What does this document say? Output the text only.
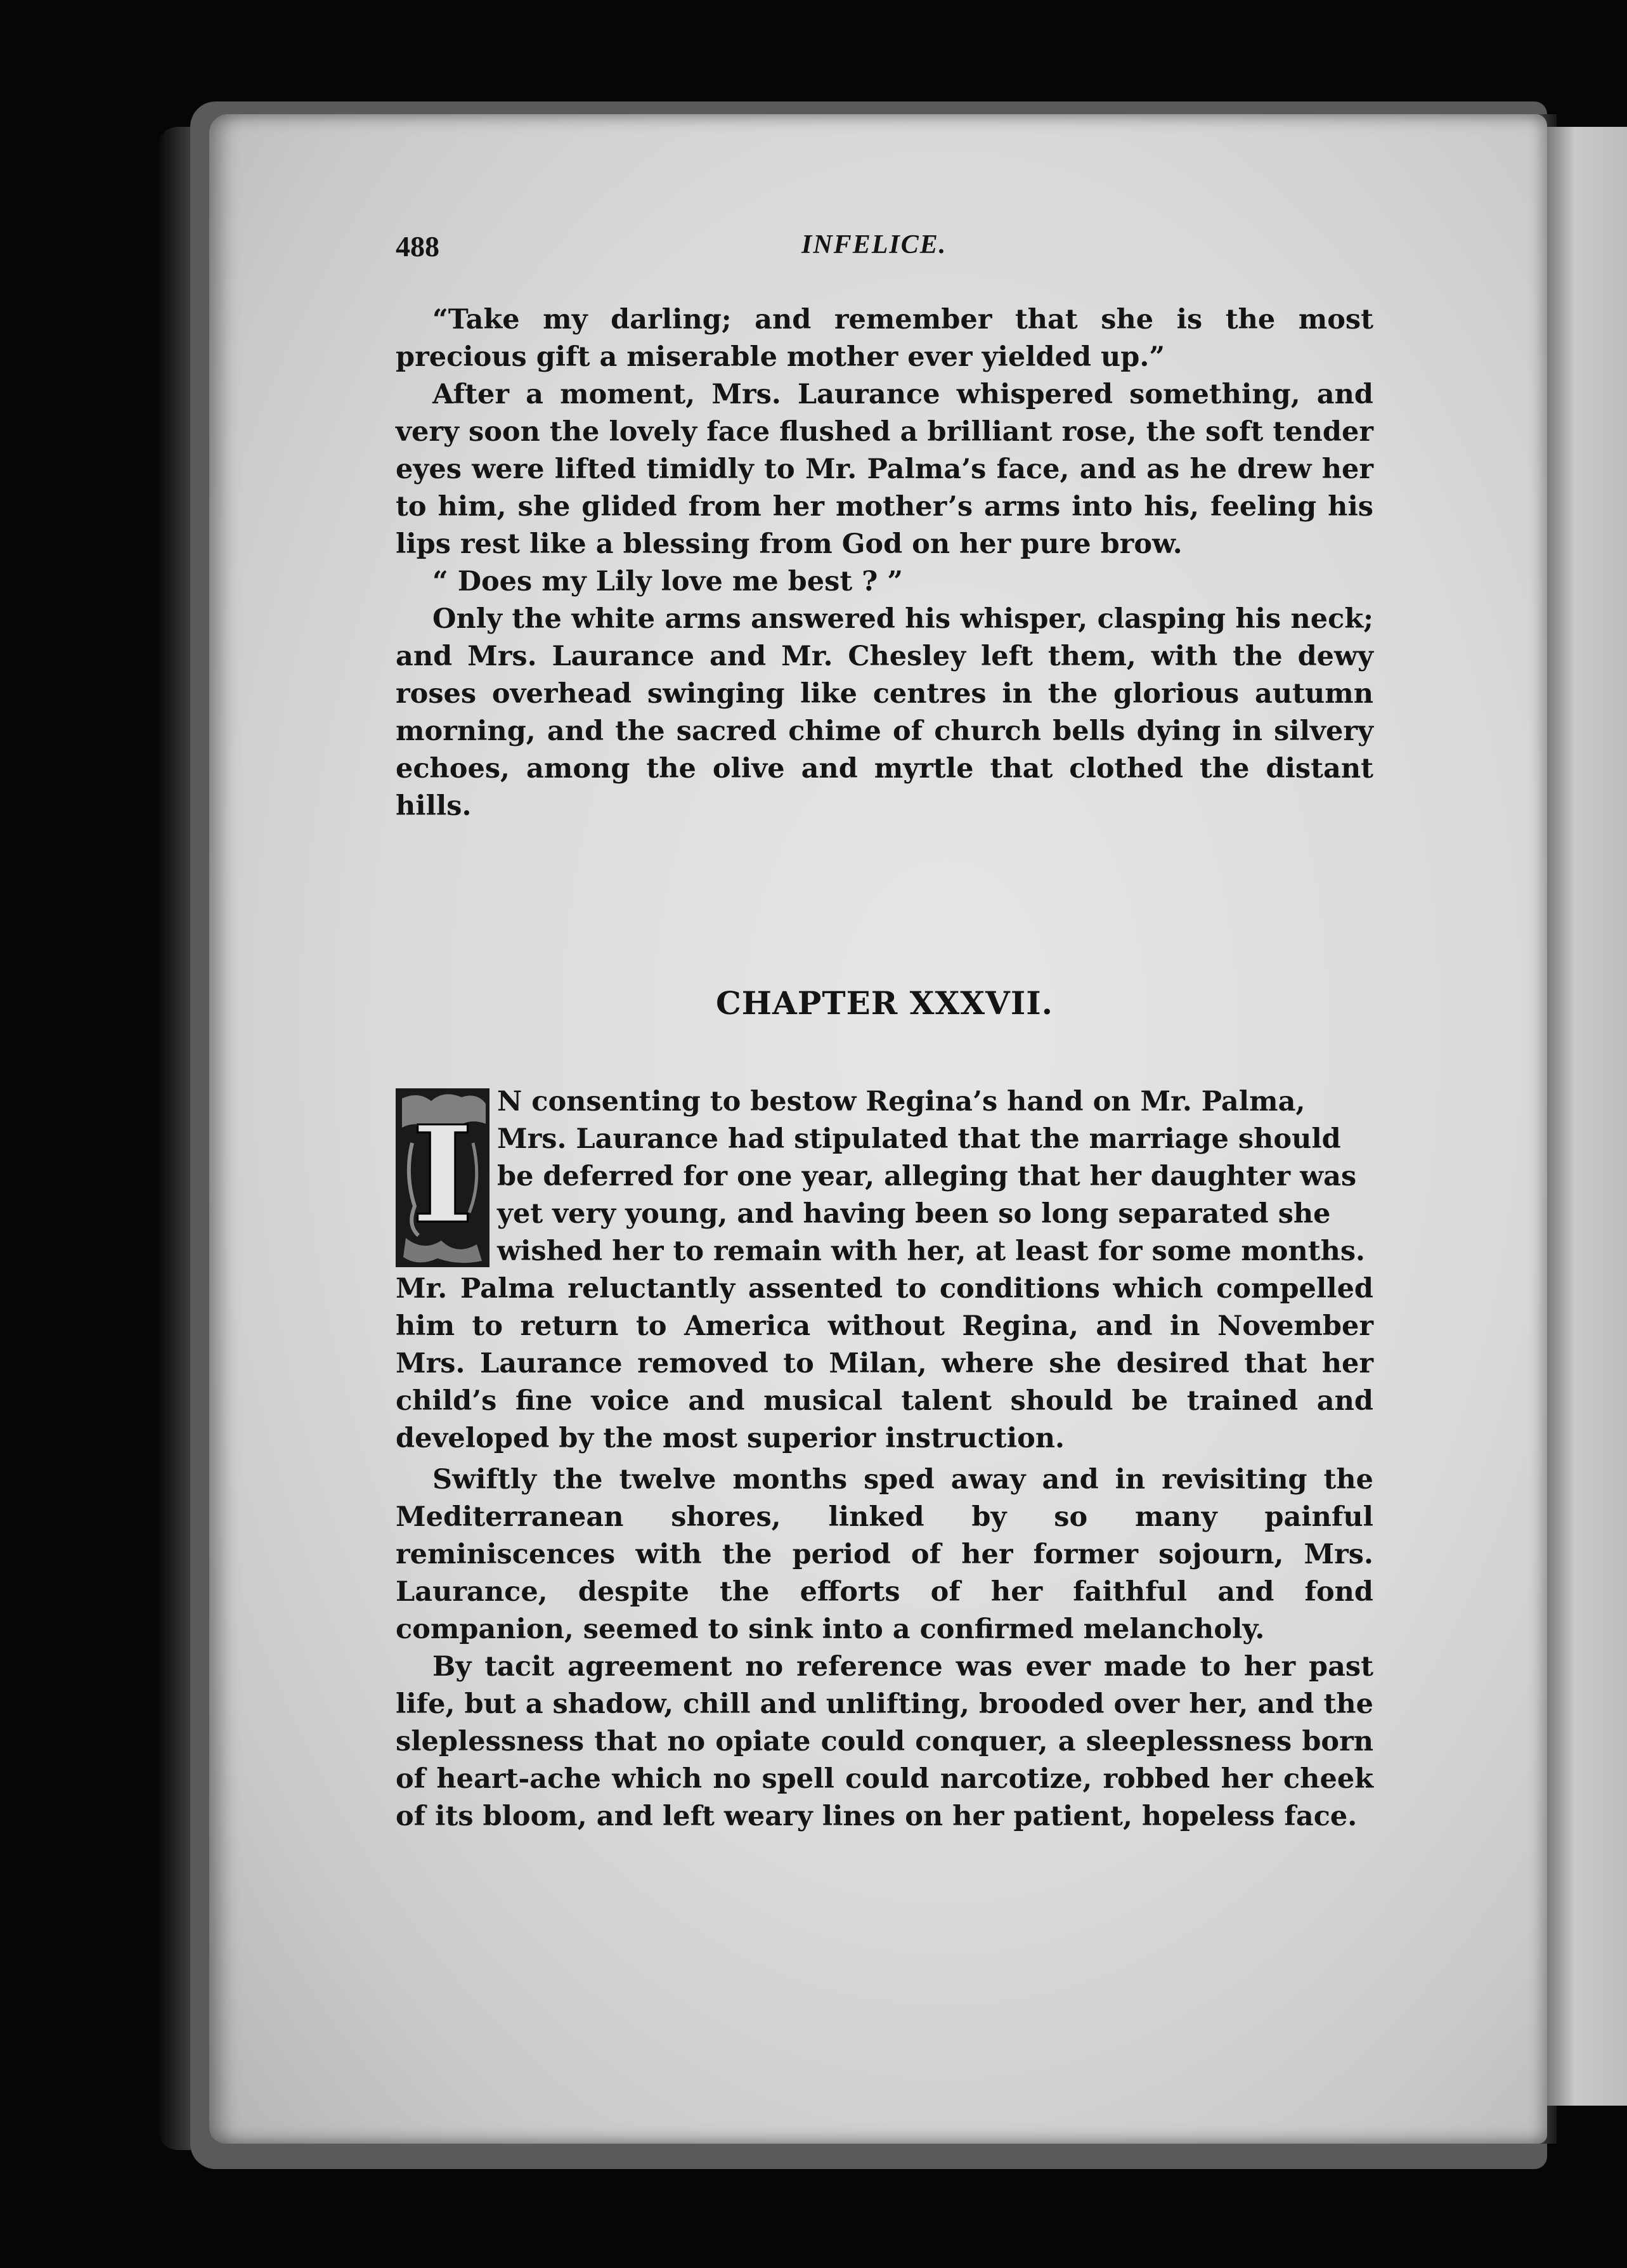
488	INFELICE.

“Take my darling; and remember that she is the most precious gift a miserable mother ever yielded up.”

After a moment, Mrs. Laurance whispered something, and very soon the lovely face flushed a brilliant rose, the soft tender eyes were lifted timidly to Mr. Palma’s face, and as he drew her to him, she glided from her mother’s arms into his, feeling his lips rest like a blessing from God on her pure brow.

“ Does my Lily love me best ? ”

Only the white arms answered his whisper, clasping his neck; and Mrs. Laurance and Mr. Chesley left them, with the dewy roses overhead swinging like centres in the glorious autumn morning, and the sacred chime of church bells dying in silvery echoes, among the olive and myrtle that clothed the distant hills.

CHAPTER XXXVII.
I N consenting to bestow Regina’s hand on Mr. Palma,
Mrs. Laurance had stipulated that the marriage should
be deferred for one year, alleging that her daughter was
yet very young, and having been so long separated she
wished her to remain with her, at least for some months.

Mr. Palma reluctantly assented to conditions which compelled him to return to America without Regina, and in November Mrs. Laurance removed to Milan, where she desired that her child’s fine voice and musical talent should be trained and developed by the most superior instruction.

Swiftly the twelve months sped away and in revisiting the Mediterranean shores, linked by so many painful reminiscences with the period of her former sojourn, Mrs. Laurance, despite the efforts of her faithful and fond companion, seemed to sink into a confirmed melancholy.

By tacit agreement no reference was ever made to her past life, but a shadow, chill and unlifting, brooded over her, and the sleplessness that no opiate could conquer, a sleeplessness born of heart-ache which no spell could narcotize, robbed her cheek of its bloom, and left weary lines on her patient, hopeless face.
